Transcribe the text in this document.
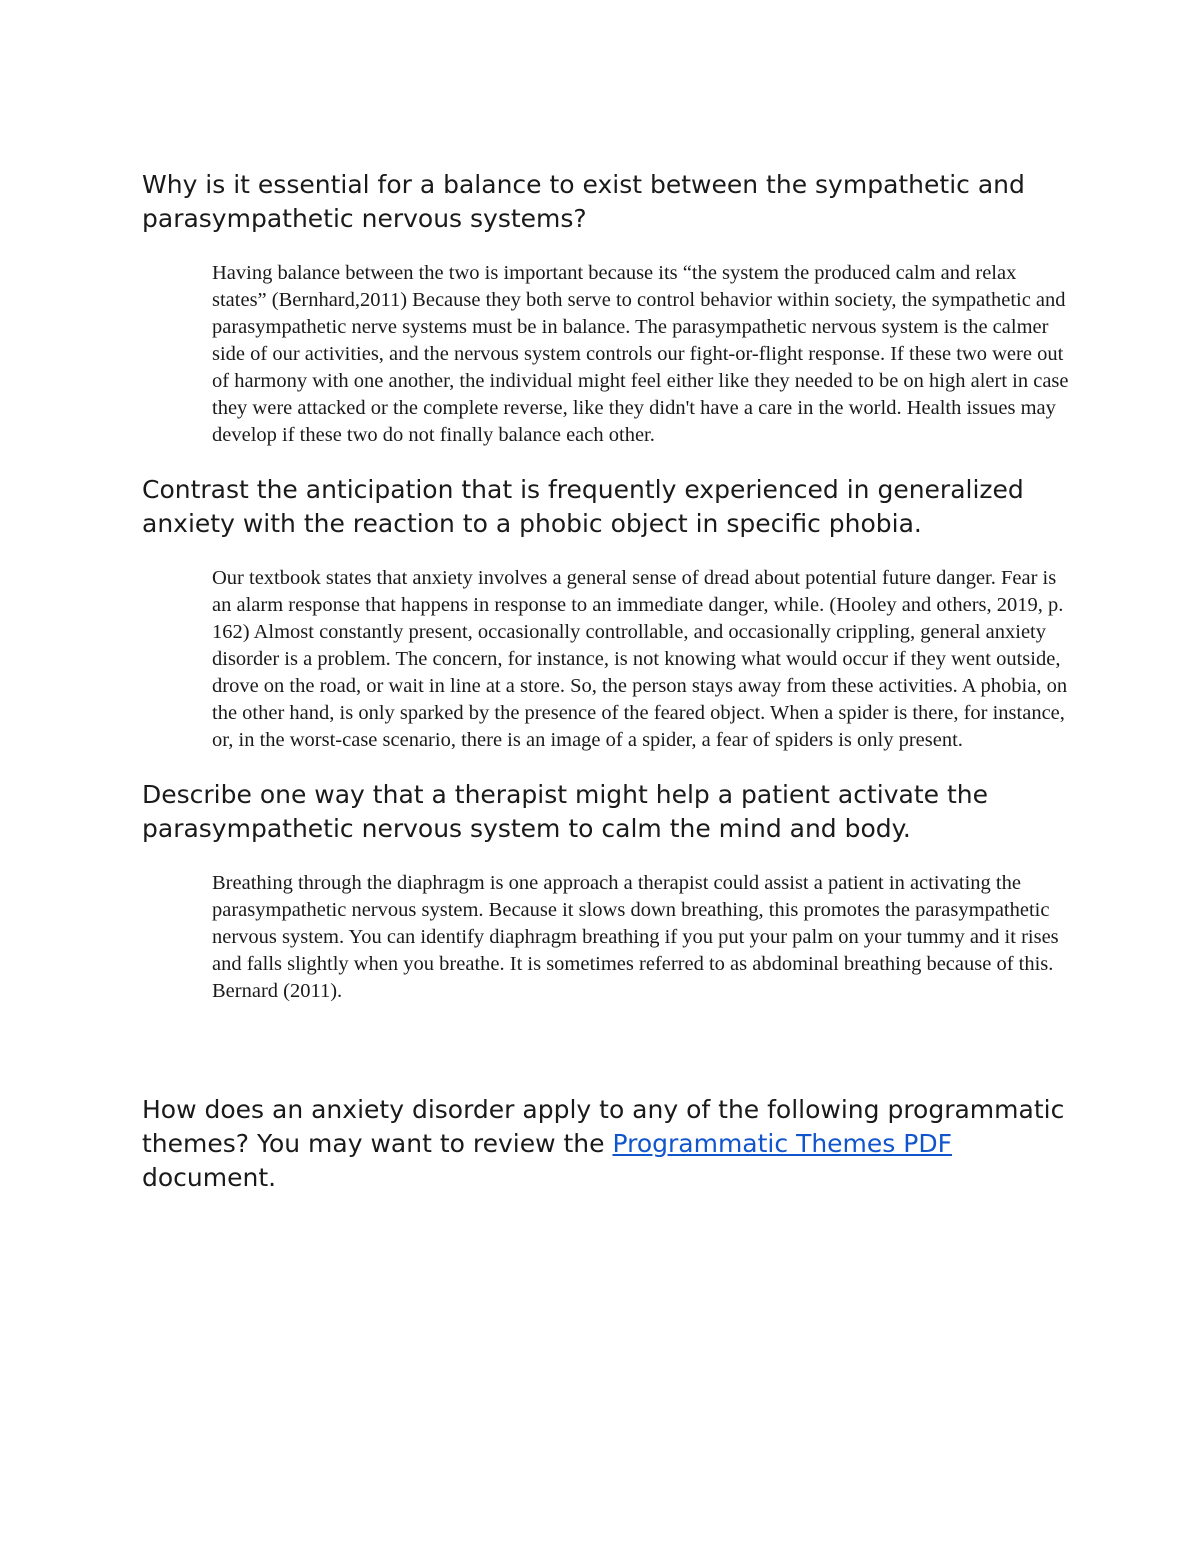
Why is it essential for a balance to exist between the sympathetic and parasympathetic nervous systems?

Having balance between the two is important because its “the system the produced calm and relax states” (Bernhard,2011) Because they both serve to control behavior within society, the sympathetic and parasympathetic nerve systems must be in balance. The parasympathetic nervous system is the calmer side of our activities, and the nervous system controls our fight-or-flight response. If these two were out of harmony with one another, the individual might feel either like they needed to be on high alert in case they were attacked or the complete reverse, like they didn't have a care in the world. Health issues may develop if these two do not finally balance each other.

Contrast the anticipation that is frequently experienced in generalized anxiety with the reaction to a phobic object in specific phobia.

Our textbook states that anxiety involves a general sense of dread about potential future danger. Fear is an alarm response that happens in response to an immediate danger, while. (Hooley and others, 2019, p. 162) Almost constantly present, occasionally controllable, and occasionally crippling, general anxiety disorder is a problem. The concern, for instance, is not knowing what would occur if they went outside, drove on the road, or wait in line at a store. So, the person stays away from these activities. A phobia, on the other hand, is only sparked by the presence of the feared object. When a spider is there, for instance, or, in the worst-case scenario, there is an image of a spider, a fear of spiders is only present.

Describe one way that a therapist might help a patient activate the parasympathetic nervous system to calm the mind and body.

Breathing through the diaphragm is one approach a therapist could assist a patient in activating the parasympathetic nervous system. Because it slows down breathing, this promotes the parasympathetic nervous system. You can identify diaphragm breathing if you put your palm on your tummy and it rises and falls slightly when you breathe. It is sometimes referred to as abdominal breathing because of this. Bernard (2011).

How does an anxiety disorder apply to any of the following programmatic themes? You may want to review the Programmatic Themes PDF document.
